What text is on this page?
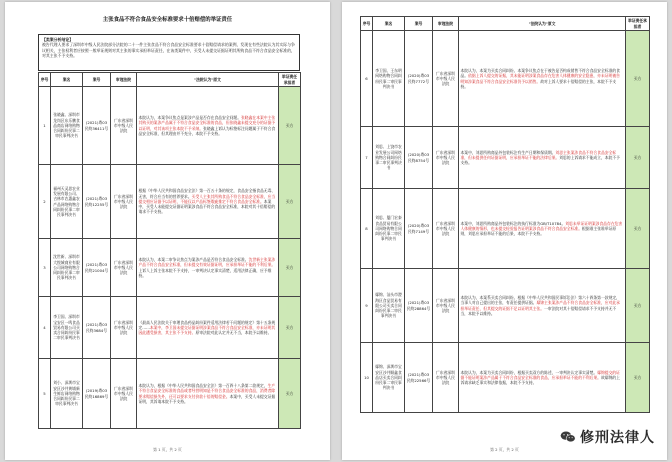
主张食品不符合食品安全标准要求十倍赔偿的举证责任
【类案分析结论】
被告代理人要求了深圳市中级人民法院部分法院的二十一件主张食品不符合食品安全标准要求十倍赔偿请求的案例，发现在有些法院认为其实际与争议相关，主张权利者应按照一般举证规则对其主张的事实承担举证责任，在该类案件中，买受人未提交证据证明其所购食品不符合食品安全标准的，对其主张不予支持。
序号	案名	案号	审理法院	"法院认为"原文	举证责任承担者
1	张晓鑫、深圳市龙岗区东乐鹏食品商店网络购物合同纠纷民事二审民事判决书	(2021)粤03民终36411号	广东省深圳市中级人民法院	本院认为，本案争议焦点是案涉产品是否存在食品安全问题。张晓鑫在本案中主张其购买的案涉产品属于不符合食品安全标准的食品，但张晓鑫未提交充分的证据予以证明，对其该项主张本院不予采纳。张晓鑫上诉认为标签标注问题属于不符合食品安全标准，但其理由并不充分，本院不予支持。	买方
2	福州天灵思农业发展有限公司、吉林市农惠鑫农产品网络购物合同纠纷民事二审民事判决书	(2021)粤03民终12255号	广东省深圳市中级人民法院	根据《中华人民共和国食品安全法》第一百五十条的规定，食品安全指食品无毒、无害，符合应当有的营养要求。买受人主张其所购食品不符合食品安全标准，应当提交相应证据予以证明，不能仅以产品标签瑕疵推定不符合食品安全标准。本案中，买受人未能提交证据证明案涉食品不符合食品安全标准，本院对其十倍赔偿的请求不予支持。	买方
3	沈世新、深圳市大悦城商业有限公司网络购物合同纠纷民事二审民事判决书	(2021)粤03民终21004号	广东省深圳市中级人民法院	本院认为，本案二审争议焦点为案涉产品是否符合食品安全标准。沈世新主张案涉产品不符合食品安全标准，但未提交有效证据证明，应承担举证不能的不利后果。上诉人上诉主张本院不予支持，一审判决认定事实清楚，适用法律正确，应予维持。	买方
4	李卫国、深圳市宝安区一鸣食品贸易有限公司买卖合同纠纷民事二审民事判决书	(2021)粤03民终3684号	广东省深圳市中级人民法院	《最高人民法院关于审理食品药品纠纷案件适用法律若干问题的规定》第十五条规定……本案中，李卫国未提交证据证明涉案食品不符合食品安全标准，亦未证明其因此遭受损害，其主张不予支持。原审法院对此认定并无不当，本院予以维持。	买方
5	刘小、深圳市宝安区沙井黄埔新生鲜店网络购物合同纠纷民事二审民事判决书	(2019)粤03民终16869号	广东省深圳市中级人民法院	本院认为，根据《中华人民共和国食品安全法》第一百四十八条第二款规定，生产不符合食品安全标准的食品或者经营明知是不符合食品安全标准的食品，消费者除要求赔偿损失外，还可以要求支付价款十倍的赔偿金。本案中，买受人未提交证据证明，其诉请本院不予支持。	买方
第 1 页，共 2 页
序号	案名	案号	审理法院	"法院认为"原文	举证责任承担者
6	李卫国、王东明网络购物合同纠纷民事二审民事判决书	(2020)粤03民终7772号	广东省深圳市中级人民法院	本院认为，本案为买卖合同纠纷。本案争议焦点在于被告是否构成销售不符合食品安全标准的食品。依据上诉人提交的证据，其未能证明涉案食品存在危害人体健康的安全隐患，亦未证明被告明知涉案食品不符合食品安全标准仍予以销售。故对上诉人要求十倍赔偿的主张，本院不予支持。	买方
7	刘思、上饶市农业发展公司网络购物合同纠纷民事二审民事判决书	(2020)粤03民终8754号	广东省深圳市中级人民法院	本案中，刘思所购商品外包装标注有生产日期和保质期。刘思主张案涉食品不符合食品安全标准，但未提供任何证据证明，应承担举证不能的法律后果。刘思的上诉请求不能成立，本院不予支持。	买方
8	刘思、厦门宏泰食品贸易有限公司网络购物合同纠纷民事二审民事判决书	(2020)粤03民终7149号	广东省深圳市中级人民法院	本案中，刘思所购商品外包装标注的执行标准为GB/T10784。刘思未举证证明案涉食品存在危害人体健康的情形，也未提交检验报告证明案涉食品不符合食品安全标准。根据谁主张谁举证原则，刘思应承担举证不能的后果，本院不予支持。	买方
9	鄢锦、汕头市澄海区食品贸易有限公司买卖合同纠纷民事二审民事判决书	(2021)粤03民终28864号	广东省深圳市中级人民法院	本院认为，本案系买卖合同纠纷。根据《中华人民共和国民事诉讼法》第六十四条第一款规定，当事人对自己提出的主张，有责任提供证据。鄢锦主张案涉产品不符合食品安全标准，应对此承担举证责任，但其提交的证据不足以证明其主张。一审法院对其十倍赔偿请求不予支持并无不当，本院予以维持。	买方
10	鄢锦、深圳市宝安区沙井顺鑫食品店买卖合同纠纷民事二审民事判决书	(2021)粤03民终22566号	广东省深圳市中级人民法院	本院认为，本案为买卖合同纠纷，根据买卖双方的陈述，一审判决认定事实清楚。鄢锦提交的证据不能证明案涉产品属于不符合食品安全标准的食品，应承担举证不能的不利后果。故鄢锦的上诉请求缺乏事实和法律依据，本院不予支持。	买方
第 2 页，共 2 页
修刑法律人
